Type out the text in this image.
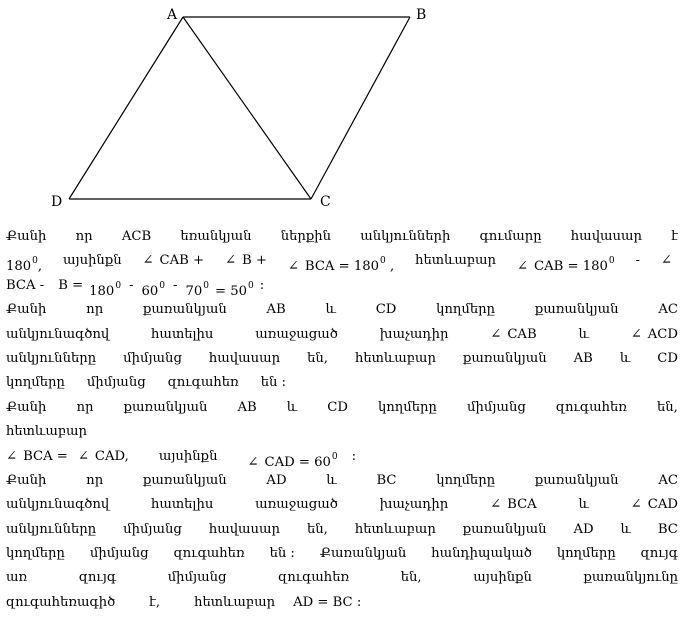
A	B
C
D
Քանի որ ACB եռանկյան ներքին անկյունների գումարը հավասար է
1800, այսինքն	∠ CAB +	∠ B +	∠ BCA = 1800 , հետևաբար	∠ CAB = 1800 -
∠
BCA - B = 1800 - 600 - 700 = 500 :
Քանի	որ	քառանկյան	AB	և	CD	կողմերը	քառանկյան	AC
անկյունագծով	հատելիս	առաջացած	խաչադիր	∠ CAB	և	∠ ACD
անկյունները միմյանց հավասար են, հետևաբար քառանկյան AB և CD
կողմերը միմյանց զուգահեռ են :
Քանի որ քառանկյան AB և CD կողմերը միմյանց զուգահեռ են,
հետևաբար
∠ BCA =	∠ CAD, այսինքն	∠ CAD = 600 :
Քանի	որ	քառանկյան	AD	և	BC	կողմերը	քառանկյան	AC
անկյունագծով	հատելիս	առաջացած	խաչադիր	∠ BCA	և	∠ CAD
անկյունները միմյանց հավասար են, հետևաբար քառանկյան AD և BC
կողմերը միմյանց զուգահեռ են : Քառանկյան հանդիպակած կողմերը զույգ
առ	զույգ	միմյանց	զուգահեռ	են,	այսինքն	քառանկյունը
զուգահեռագիծ	է,	հետևաբար AD = BC :
